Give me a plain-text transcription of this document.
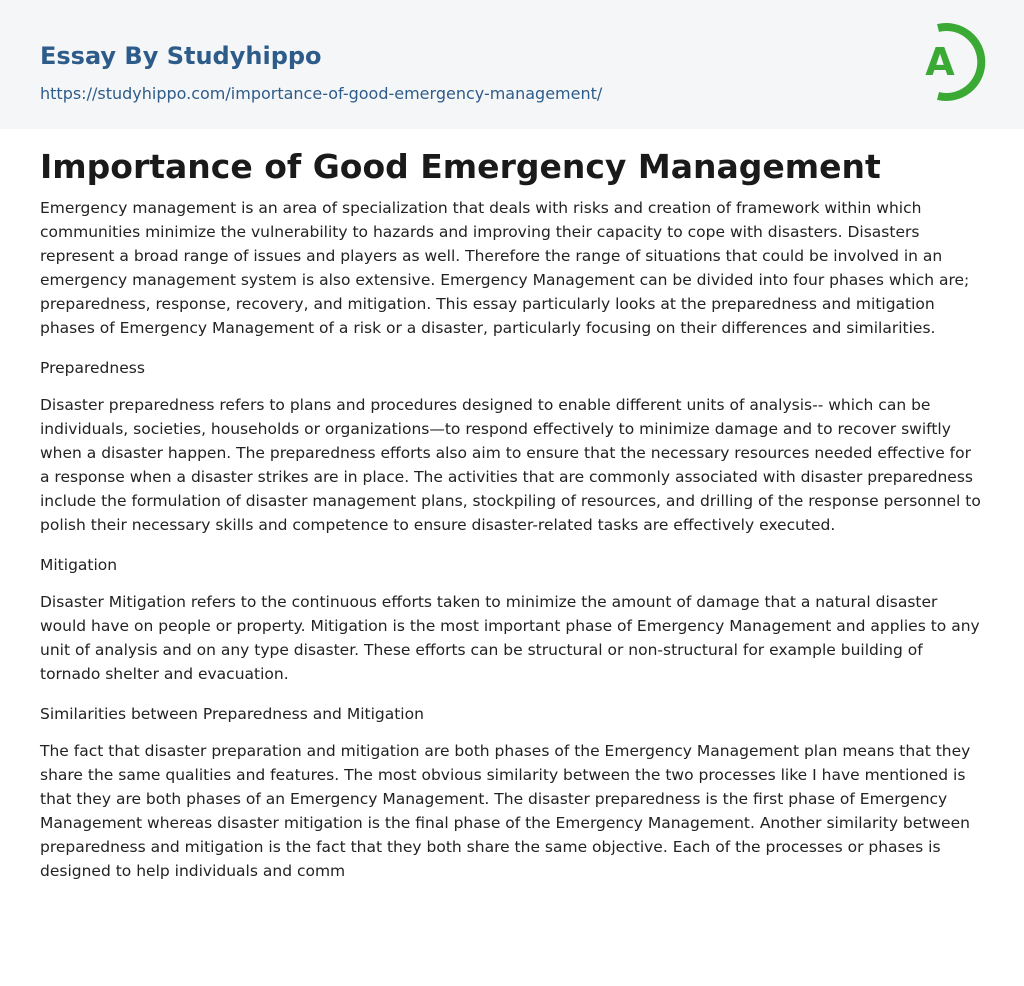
Essay By Studyhippo
https://studyhippo.com/importance-of-good-emergency-management/
A
Importance of Good Emergency Management

Emergency management is an area of specialization that deals with risks and creation of framework within which communities minimize the vulnerability to hazards and improving their capacity to cope with disasters. Disasters represent a broad range of issues and players as well. Therefore the range of situations that could be involved in an emergency management system is also extensive. Emergency Management can be divided into four phases which are; preparedness, response, recovery, and mitigation. This essay particularly looks at the preparedness and mitigation phases of Emergency Management of a risk or a disaster, particularly focusing on their differences and similarities.

Preparedness

Disaster preparedness refers to plans and procedures designed to enable different units of analysis-- which can be individuals, societies, households or organizations—to respond effectively to minimize damage and to recover swiftly when a disaster happen. The preparedness efforts also aim to ensure that the necessary resources needed effective for a response when a disaster strikes are in place. The activities that are commonly associated with disaster preparedness include the formulation of disaster management plans, stockpiling of resources, and drilling of the response personnel to polish their necessary skills and competence to ensure disaster-related tasks are effectively executed.

Mitigation

Disaster Mitigation refers to the continuous efforts taken to minimize the amount of damage that a natural disaster would have on people or property. Mitigation is the most important phase of Emergency Management and applies to any unit of analysis and on any type disaster. These efforts can be structural or non-structural for example building of tornado shelter and evacuation.

Similarities between Preparedness and Mitigation

The fact that disaster preparation and mitigation are both phases of the Emergency Management plan means that they share the same qualities and features. The most obvious similarity between the two processes like I have mentioned is that they are both phases of an Emergency Management. The disaster preparedness is the first phase of Emergency Management whereas disaster mitigation is the final phase of the Emergency Management. Another similarity between preparedness and mitigation is the fact that they both share the same objective. Each of the processes or phases is designed to help individuals and comm
